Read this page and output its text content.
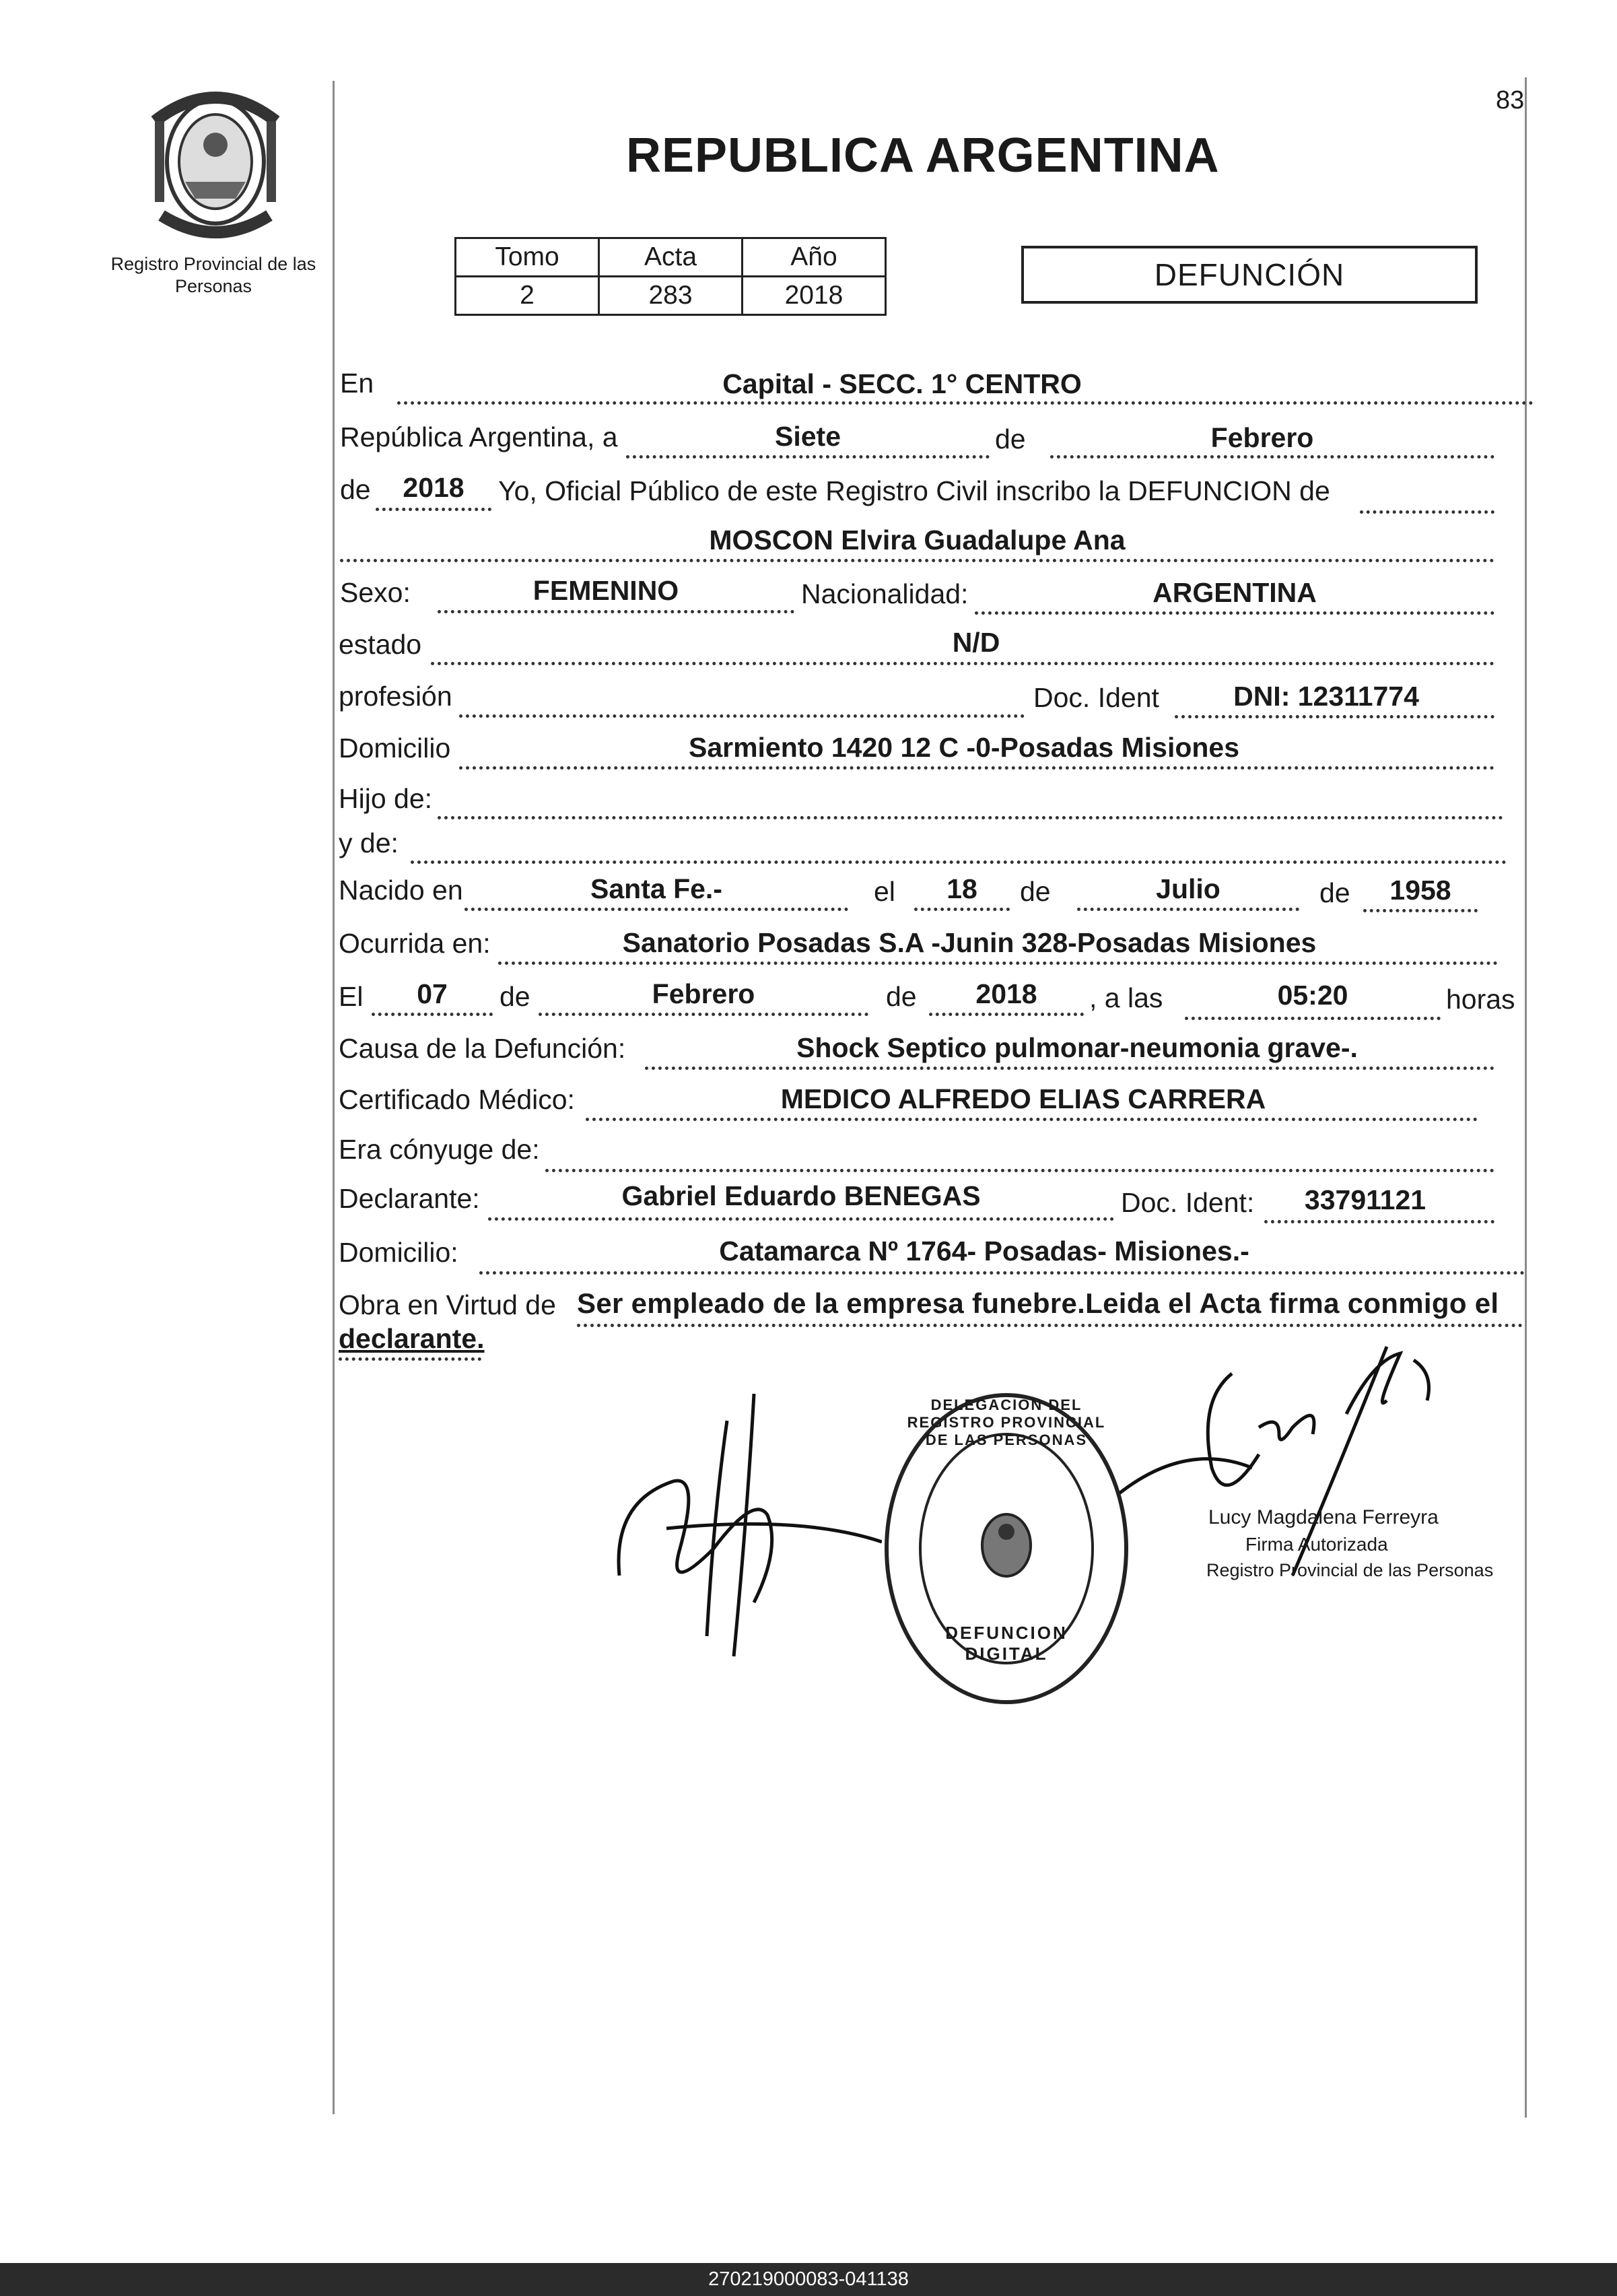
Registro Provincial de las Personas
83
REPUBLICA ARGENTINA
Tomo	Acta	Año
2	283	2018
DEFUNCIÓN
En	Capital - SECC. 1° CENTRO
República Argentina, a	Siete	de	Febrero
de	2018	Yo, Oficial Público de este Registro Civil inscribo la DEFUNCION de
MOSCON Elvira Guadalupe Ana
Sexo:	FEMENINO	Nacionalidad:	ARGENTINA
estado	N/D
profesión	Doc. Ident	DNI: 12311774
Domicilio	Sarmiento 1420 12 C -0-Posadas Misiones
Hijo de:
y de:
Nacido en	Santa Fe.-	el	18	de	Julio	de	1958
Ocurrida en:	Sanatorio Posadas S.A -Junin 328-Posadas Misiones
El	07	de	Febrero	de	2018	, a las	05:20	horas
Causa de la Defunción:	Shock Septico pulmonar-neumonia grave-.
Certificado Médico:	MEDICO ALFREDO ELIAS CARRERA
Era cónyuge de:
Declarante:	Gabriel Eduardo BENEGAS	Doc. Ident:	33791121
Domicilio:	Catamarca Nº 1764- Posadas- Misiones.-
Obra en Virtud de Ser empleado de la empresa funebre.Leida el Acta firma conmigo el
declarante.
DELEGACION DEL REGISTRO PROVINCIAL DE LAS PERSONAS
DEFUNCION DIGITAL
Lucy Magdalena Ferreyra
Firma Autorizada
Registro Provincial de las Personas
270219000083-041138
